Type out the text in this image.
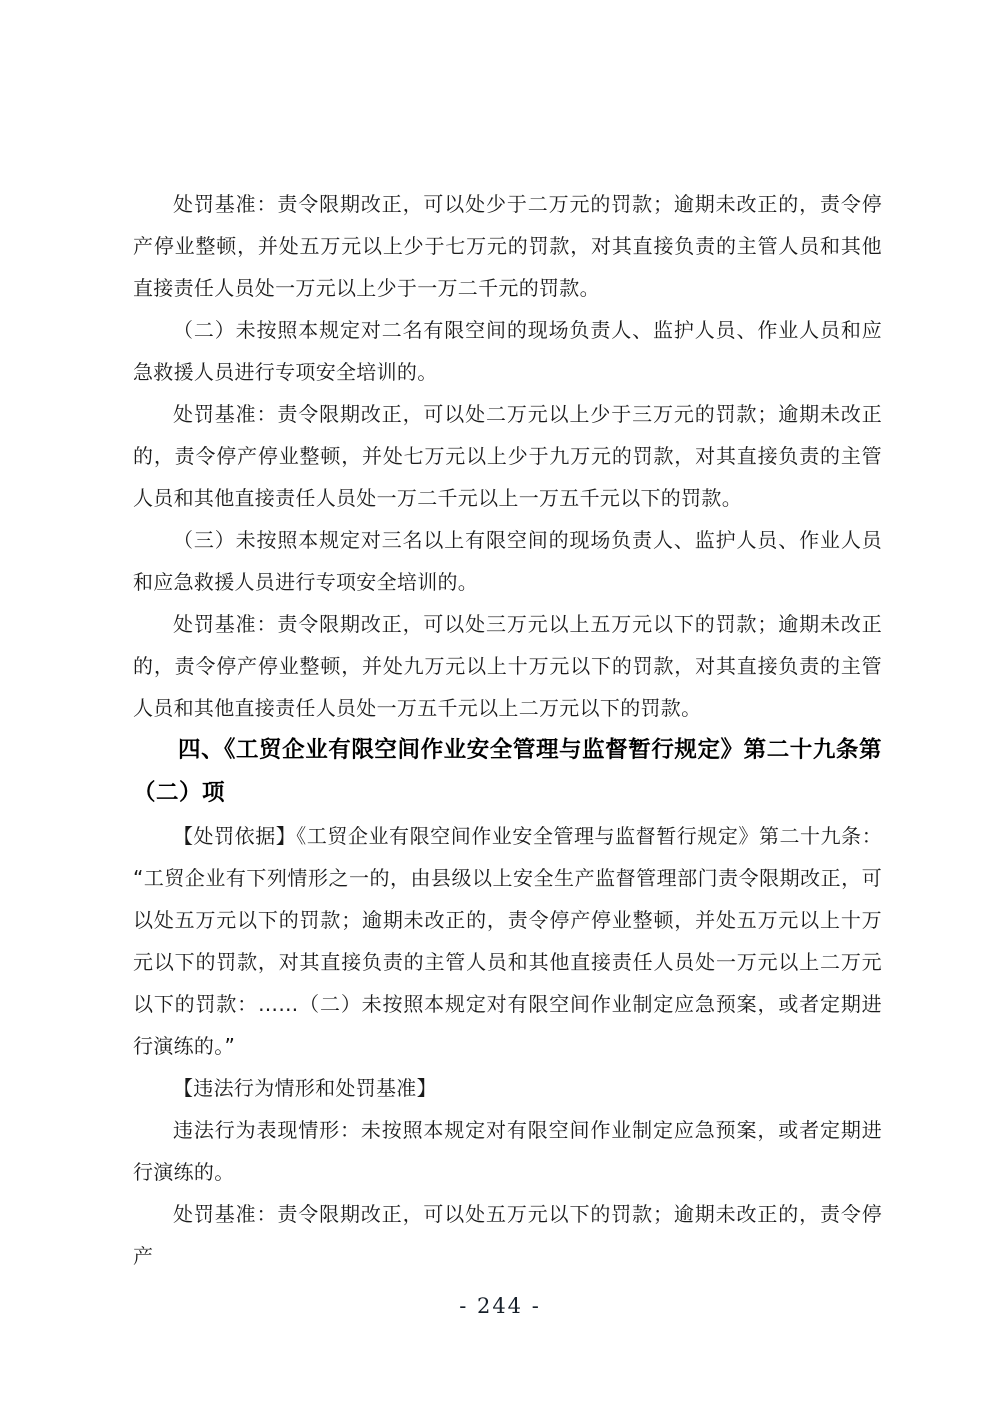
处罚基准：责令限期改正，可以处少于二万元的罚款；逾期未改正的，责令停产停业整顿，并处五万元以上少于七万元的罚款，对其直接负责的主管人员和其他直接责任人员处一万元以上少于一万二千元的罚款。

（二）未按照本规定对二名有限空间的现场负责人、监护人员、作业人员和应急救援人员进行专项安全培训的。

处罚基准：责令限期改正，可以处二万元以上少于三万元的罚款；逾期未改正的，责令停产停业整顿，并处七万元以上少于九万元的罚款，对其直接负责的主管人员和其他直接责任人员处一万二千元以上一万五千元以下的罚款。

（三）未按照本规定对三名以上有限空间的现场负责人、监护人员、作业人员和应急救援人员进行专项安全培训的。

处罚基准：责令限期改正，可以处三万元以上五万元以下的罚款；逾期未改正的，责令停产停业整顿，并处九万元以上十万元以下的罚款，对其直接负责的主管人员和其他直接责任人员处一万五千元以上二万元以下的罚款。

四、《工贸企业有限空间作业安全管理与监督暂行规定》第二十九条第（二）项

【处罚依据】《工贸企业有限空间作业安全管理与监督暂行规定》第二十九条：“工贸企业有下列情形之一的，由县级以上安全生产监督管理部门责令限期改正，可以处五万元以下的罚款；逾期未改正的，责令停产停业整顿，并处五万元以上十万元以下的罚款，对其直接负责的主管人员和其他直接责任人员处一万元以上二万元以下的罚款：……（二）未按照本规定对有限空间作业制定应急预案，或者定期进行演练的。”

【违法行为情形和处罚基准】

违法行为表现情形：未按照本规定对有限空间作业制定应急预案，或者定期进行演练的。

处罚基准：责令限期改正，可以处五万元以下的罚款；逾期未改正的，责令停产

- 244 -
